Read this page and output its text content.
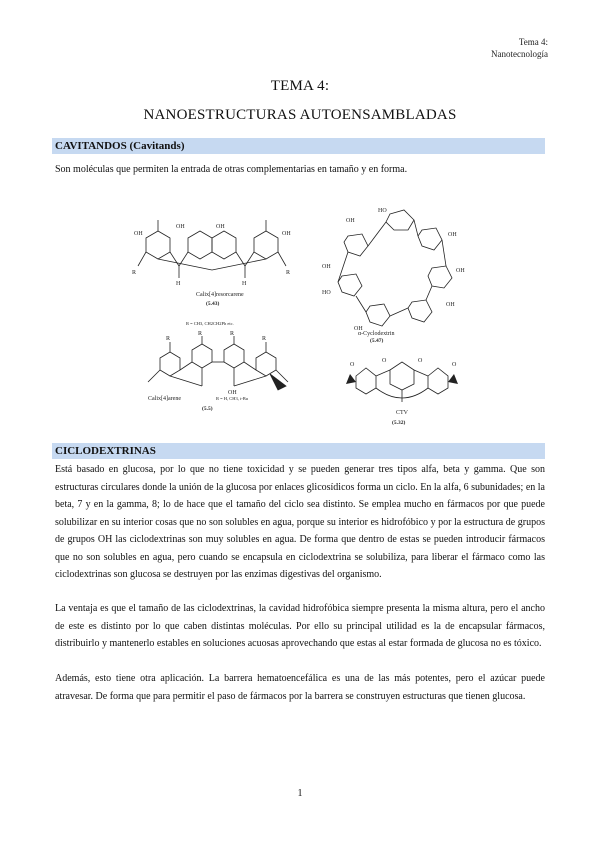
Tema 4:
Nanotecnología
TEMA 4:
NANOESTRUCTURAS AUTOENSAMBLADAS
CAVITANDOS (Cavitands)
Son moléculas que permiten la entrada de otras complementarias en tamaño y en forma.
OH
OH	OH
OH
R	R
H	H
Calix[4]resorcarene
(5.43)
R = CH3, CH2CH2Ph etc.
HO
OH
OH
OH
OH
HO
OH
OH
α-Cyclodextrin
(5.47)
R
R	R
R
OH
Calix[4]arene	R = H, CH3, t-Bu
(5.5)
O
O	O
O
CTV
(5.32)
CICLODEXTRINAS
Está basado en glucosa, por lo que no tiene toxicidad y se pueden generar tres tipos alfa, beta y gamma. Que son estructuras circulares donde la unión de la glucosa por enlaces glicosídicos forma un ciclo. En la alfa, 6 subunidades; en la beta, 7 y en la gamma, 8; lo de hace que el tamaño del ciclo sea distinto. Se emplea mucho en fármacos por que puede solubilizar en su interior cosas que no son solubles en agua, porque su interior es hidrofóbico y por la estructura de grupos de grupos OH las ciclodextrinas son muy solubles en agua. De forma que dentro de estas se pueden introducir fármacos que no son solubles en agua, pero cuando se encapsula en ciclodextrina se solubiliza, para liberar el fármaco como las ciclodextrinas son glucosa se destruyen por las enzimas digestivas del organismo.
La ventaja es que el tamaño de las ciclodextrinas, la cavidad hidrofóbica siempre presenta la misma altura, pero el ancho de este es distinto por lo que caben distintas moléculas. Por ello su principal utilidad es la de encapsular fármacos, distribuirlo y mantenerlo estables en soluciones acuosas aprovechando que estas al estar formada de glucosa no es tóxico.
Además, esto tiene otra aplicación. La barrera hematoencefálica es una de las más potentes, pero el azúcar puede atravesar. De forma que para permitir el paso de fármacos por la barrera se construyen estructuras que tienen glucosa.
1
